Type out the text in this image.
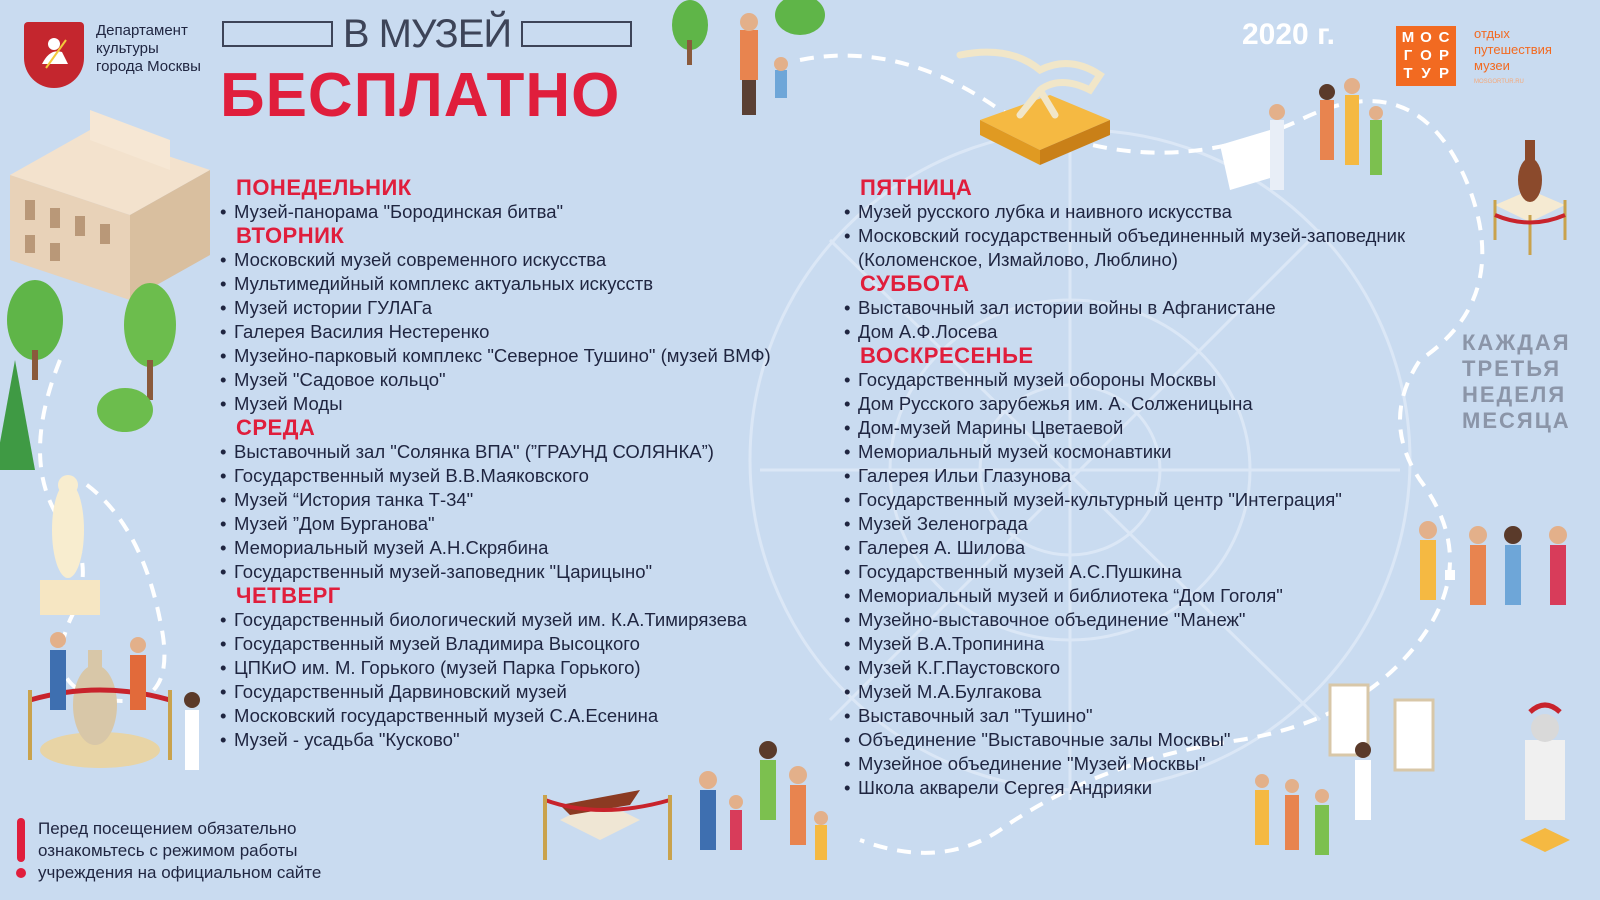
Департамент
культуры
города Москвы
В МУЗЕЙ
БЕСПЛАТНО
2020 г.	М О С
Г О Р
Т У Р
отдых
путешествия
музеи
MOSGORTUR.RU
ПОНЕДЕЛЬНИК
• Музей-панорама "Бородинская битва"
ВТОРНИК
• Московский музей современного искусства
• Мультимедийный комплекс актуальных искусств
• Музей истории ГУЛАГа
• Галерея Василия Нестеренко
• Музейно-парковый комплекс "Северное Тушино" (музей ВМФ)
• Музей "Садовое кольцо"
• Музей Моды
СРЕДА
• Выставочный зал "Солянка ВПА" (”ГРАУНД СОЛЯНКА”)
• Государственный музей В.В.Маяковского
• Музей “История танка Т-34"
• Музей ”Дом Бурганова"
• Мемориальный музей А.Н.Скрябина
• Государственный музей-заповедник "Царицыно"
ЧЕТВЕРГ
• Государственный биологический музей им. К.А.Тимирязева
• Государственный музей Владимира Высоцкого
• ЦПКиО им. М. Горького (музей Парка Горького)
• Государственный Дарвиновский музей
• Московский государственный музей С.А.Есенина
• Музей - усадьба "Кусково"
ПЯТНИЦА
• Музей русского лубка и наивного искусства
• Московский государственный объединенный музей-заповедник
(Коломенское, Измайлово, Люблино)
СУББОТА
• Выставочный зал истории войны в Афганистане
• Дом А.Ф.Лосева
ВОСКРЕСЕНЬЕ
• Государственный музей обороны Москвы
• Дом Русского зарубежья им. А. Солженицына
• Дом-музей Марины Цветаевой
• Мемориальный музей космонавтики
• Галерея Ильи Глазунова
• Государственный музей-культурный центр "Интеграция"
• Музей Зеленограда
• Галерея А. Шилова
• Государственный музей А.С.Пушкина
• Мемориальный музей и библиотека “Дом Гоголя"
• Музейно-выставочное объединение "Манеж"
• Музей В.А.Тропинина
• Музей К.Г.Паустовского
• Музей М.А.Булгакова
• Выставочный зал "Тушино"
• Объединение "Выставочные залы Москвы"
• Музейное объединение "Музей Москвы"
• Школа акварели Сергея Андрияки
КАЖДАЯ
ТРЕТЬЯ
НЕДЕЛЯ
МЕСЯЦА
Перед посещением обязательно
ознакомьтесь с режимом работы
учреждения на официальном сайте
